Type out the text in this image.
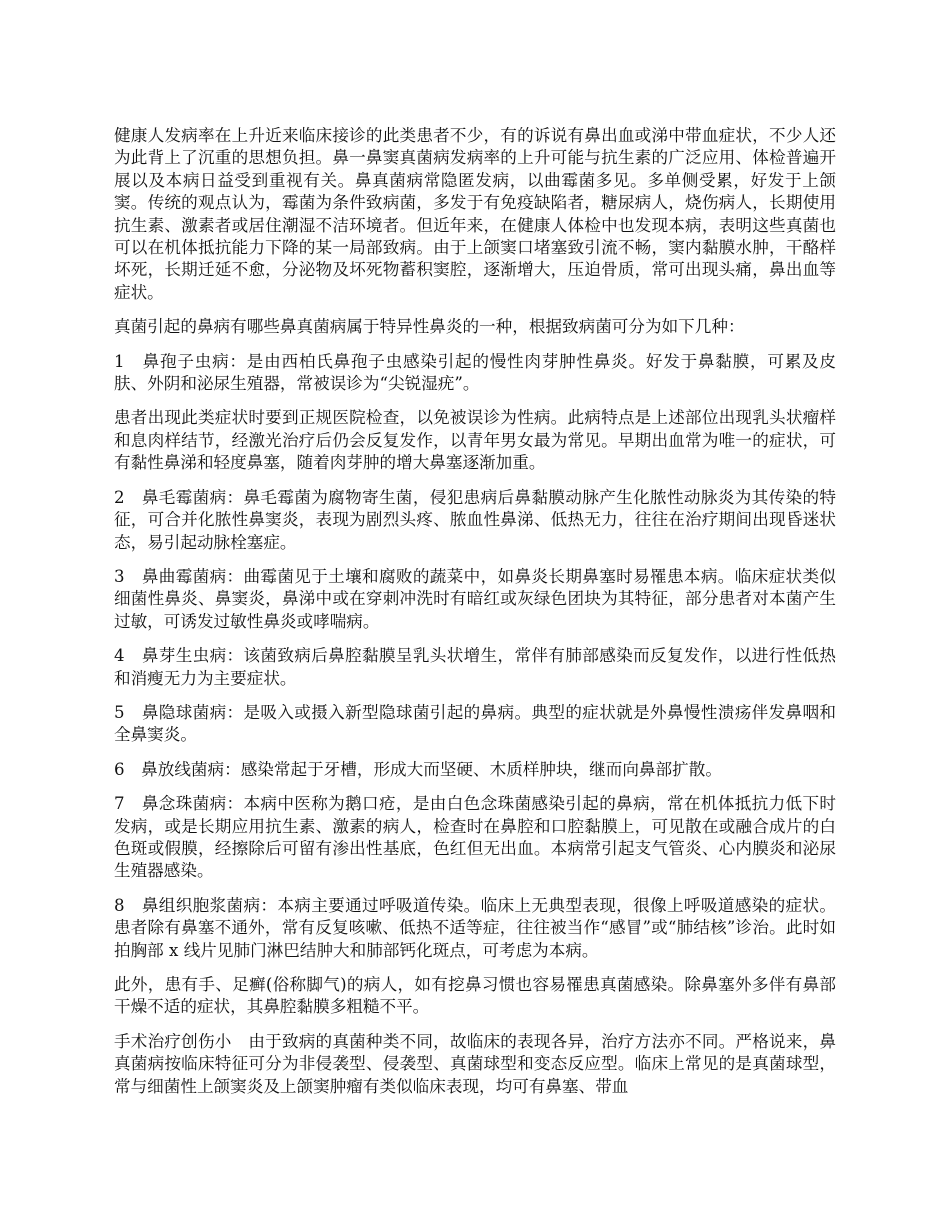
健康人发病率在上升近来临床接诊的此类患者不少，有的诉说有鼻出血或涕中带血症状，不少人还为此背上了沉重的思想负担。鼻一鼻窦真菌病发病率的上升可能与抗生素的广泛应用、体检普遍开展以及本病日益受到重视有关。鼻真菌病常隐匿发病，以曲霉菌多见。多单侧受累，好发于上颌窦。传统的观点认为，霉菌为条件致病菌，多发于有免疫缺陷者，糖尿病人，烧伤病人，长期使用抗生素、激素者或居住潮湿不洁环境者。但近年来，在健康人体检中也发现本病，表明这些真菌也可以在机体抵抗能力下降的某一局部致病。由于上颌窦口堵塞致引流不畅，窦内黏膜水肿，干酪样坏死，长期迁延不愈，分泌物及坏死物蓄积窦腔，逐渐增大，压迫骨质，常可出现头痛，鼻出血等症状。

真菌引起的鼻病有哪些鼻真菌病属于特异性鼻炎的一种，根据致病菌可分为如下几种：

1　鼻孢子虫病：是由西柏氏鼻孢子虫感染引起的慢性肉芽肿性鼻炎。好发于鼻黏膜，可累及皮肤、外阴和泌尿生殖器，常被误诊为“尖锐湿疣”。

患者出现此类症状时要到正规医院检查，以免被误诊为性病。此病特点是上述部位出现乳头状瘤样和息肉样结节，经激光治疗后仍会反复发作，以青年男女最为常见。早期出血常为唯一的症状，可有黏性鼻涕和轻度鼻塞，随着肉芽肿的增大鼻塞逐渐加重。

2　鼻毛霉菌病：鼻毛霉菌为腐物寄生菌，侵犯患病后鼻黏膜动脉产生化脓性动脉炎为其传染的特征，可合并化脓性鼻窦炎，表现为剧烈头疼、脓血性鼻涕、低热无力，往往在治疗期间出现昏迷状态，易引起动脉栓塞症。

3　鼻曲霉菌病：曲霉菌见于土壤和腐败的蔬菜中，如鼻炎长期鼻塞时易罹患本病。临床症状类似细菌性鼻炎、鼻窦炎，鼻涕中或在穿刺冲洗时有暗红或灰绿色团块为其特征，部分患者对本菌产生过敏，可诱发过敏性鼻炎或哮喘病。

4　鼻芽生虫病：该菌致病后鼻腔黏膜呈乳头状增生，常伴有肺部感染而反复发作，以进行性低热和消瘦无力为主要症状。

5　鼻隐球菌病：是吸入或摄入新型隐球菌引起的鼻病。典型的症状就是外鼻慢性溃疡伴发鼻咽和全鼻窦炎。

6　鼻放线菌病：感染常起于牙槽，形成大而坚硬、木质样肿块，继而向鼻部扩散。

7　鼻念珠菌病：本病中医称为鹅口疮，是由白色念珠菌感染引起的鼻病，常在机体抵抗力低下时发病，或是长期应用抗生素、激素的病人，检查时在鼻腔和口腔黏膜上，可见散在或融合成片的白色斑或假膜，经擦除后可留有渗出性基底，色红但无出血。本病常引起支气管炎、心内膜炎和泌尿生殖器感染。

8　鼻组织胞浆菌病：本病主要通过呼吸道传染。临床上无典型表现，很像上呼吸道感染的症状。患者除有鼻塞不通外，常有反复咳嗽、低热不适等症，往往被当作“感冒”或“肺结核”诊治。此时如拍胸部 x 线片见肺门淋巴结肿大和肺部钙化斑点，可考虑为本病。

此外，患有手、足癣(俗称脚气)的病人，如有挖鼻习惯也容易罹患真菌感染。除鼻塞外多伴有鼻部干燥不适的症状，其鼻腔黏膜多粗糙不平。

手术治疗创伤小　由于致病的真菌种类不同，故临床的表现各异，治疗方法亦不同。严格说来，鼻真菌病按临床特征可分为非侵袭型、侵袭型、真菌球型和变态反应型。临床上常见的是真菌球型，常与细菌性上颌窦炎及上颌窦肿瘤有类似临床表现，均可有鼻塞、带血
